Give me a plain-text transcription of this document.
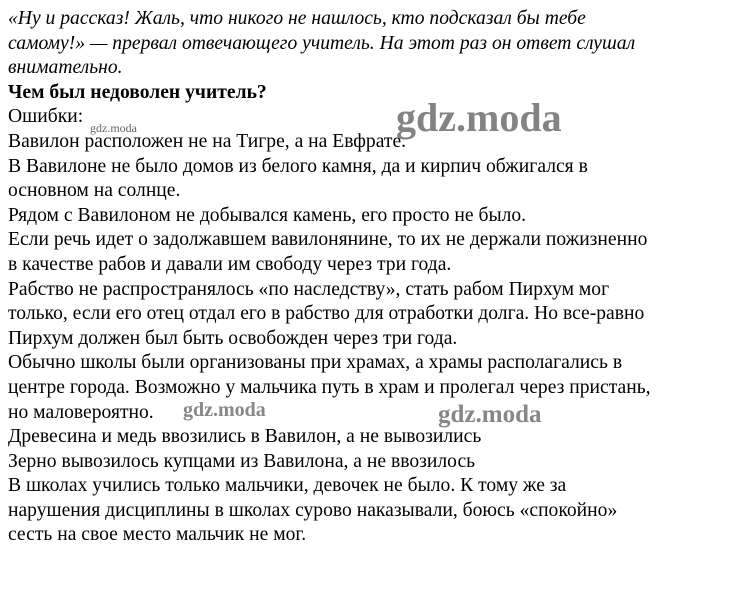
«Ну и рассказ! Жаль, что никого не нашлось, кто подсказал бы тебе
самому!» — прервал отвечающего учитель. На этот раз он ответ слушал
внимательно.
Чем был недоволен учитель?
Ошибки:
Вавилон расположен не на Тигре, а на Евфрате.
В Вавилоне не было домов из белого камня, да и кирпич обжигался в
основном на солнце.
Рядом с Вавилоном не добывался камень, его просто не было.
Если речь идет о задолжавшем вавилонянине, то их не держали пожизненно
в качестве рабов и давали им свободу через три года.
Рабство не распространялось «по наследству», стать рабом Пирхум мог
только, если его отец отдал его в рабство для отработки долга. Но все-равно
Пирхум должен был быть освобожден через три года.
Обычно школы были организованы при храмах, а храмы располагались в
центре города. Возможно у мальчика путь в храм и пролегал через пристань,
но маловероятно.
Древесина и медь ввозились в Вавилон, а не вывозились
Зерно вывозилось купцами из Вавилона, а не ввозилось
В школах учились только мальчики, девочек не было. К тому же за
нарушения дисциплины в школах сурово наказывали, боюсь «спокойно»
сесть на свое место мальчик не мог.
gdz.moda
gdz.moda
gdz.moda	gdz.moda
